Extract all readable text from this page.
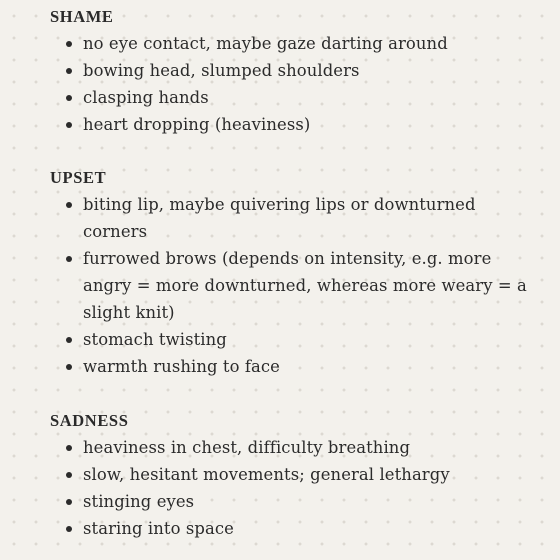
SHAME
no eye contact, maybe gaze darting around
bowing head, slumped shoulders
clasping hands
heart dropping (heaviness)
UPSET
biting lip, maybe quivering lips or downturned corners
furrowed brows (depends on intensity, e.g. more angry = more downturned, whereas more weary = a slight knit)
stomach twisting
warmth rushing to face
SADNESS
heaviness in chest, difficulty breathing
slow, hesitant movements; general lethargy
stinging eyes
staring into space
